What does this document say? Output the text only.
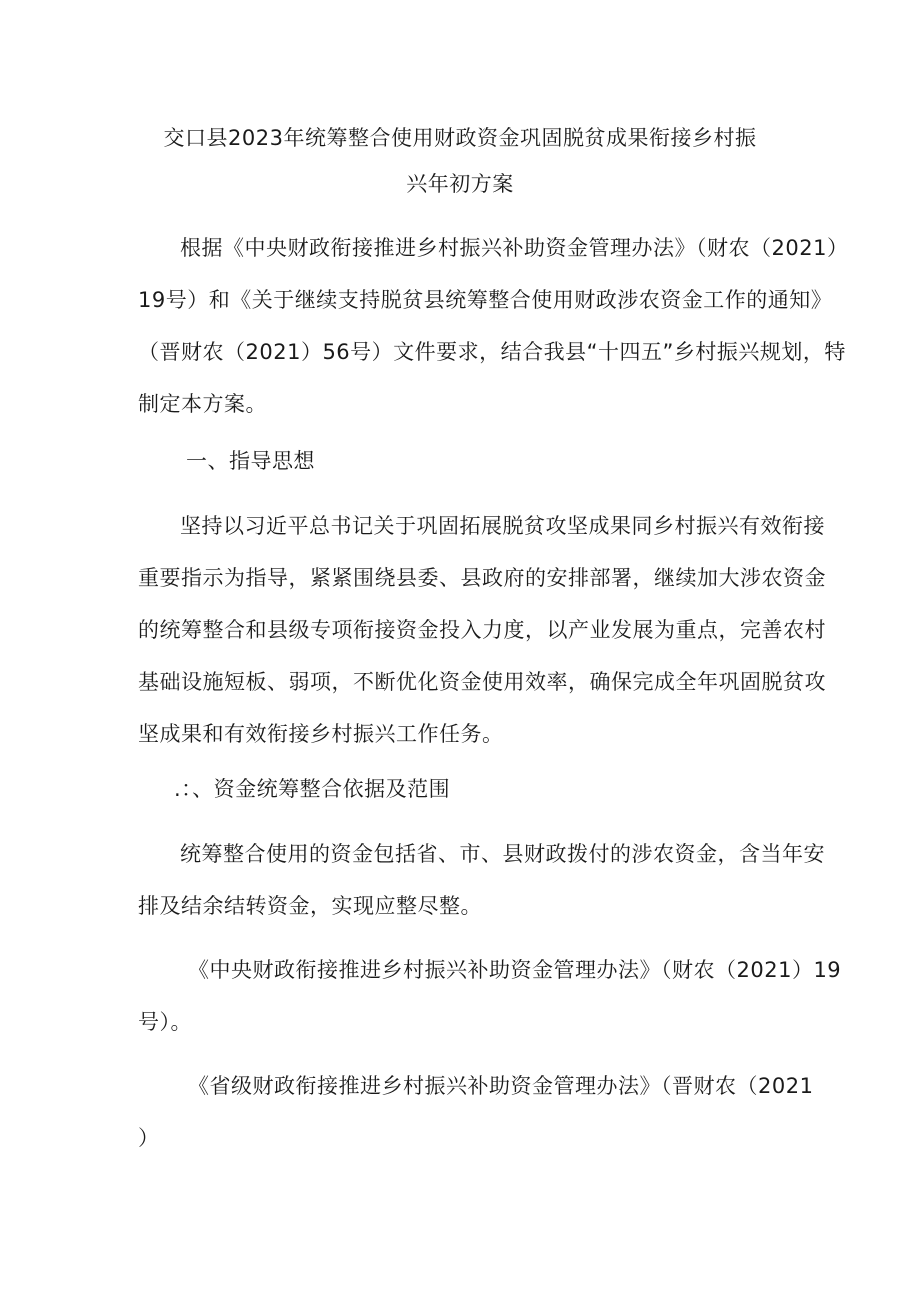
交口县2023年统筹整合使用财政资金巩固脱贫成果衔接乡村振
兴年初方案
根据《中央财政衔接推进乡村振兴补助资金管理办法》（财农（2021）
19号）和《关于继续支持脱贫县统筹整合使用财政涉农资金工作的通知》
（晋财农（2021）56号）文件要求，结合我县“十四五”乡村振兴规划，特
制定本方案。
一、指导思想
坚持以习近平总书记关于巩固拓展脱贫攻坚成果同乡村振兴有效衔接
重要指示为指导，紧紧围绕县委、县政府的安排部署，继续加大涉农资金
的统筹整合和县级专项衔接资金投入力度，以产业发展为重点，完善农村
基础设施短板、弱项，不断优化资金使用效率，确保完成全年巩固脱贫攻
坚成果和有效衔接乡村振兴工作任务。
.：、资金统筹整合依据及范围
统筹整合使用的资金包括省、市、县财政拨付的涉农资金，含当年安
排及结余结转资金，实现应整尽整。
《中央财政衔接推进乡村振兴补助资金管理办法》（财农（2021）19
号）。
《省级财政衔接推进乡村振兴补助资金管理办法》（晋财农（2021
）
